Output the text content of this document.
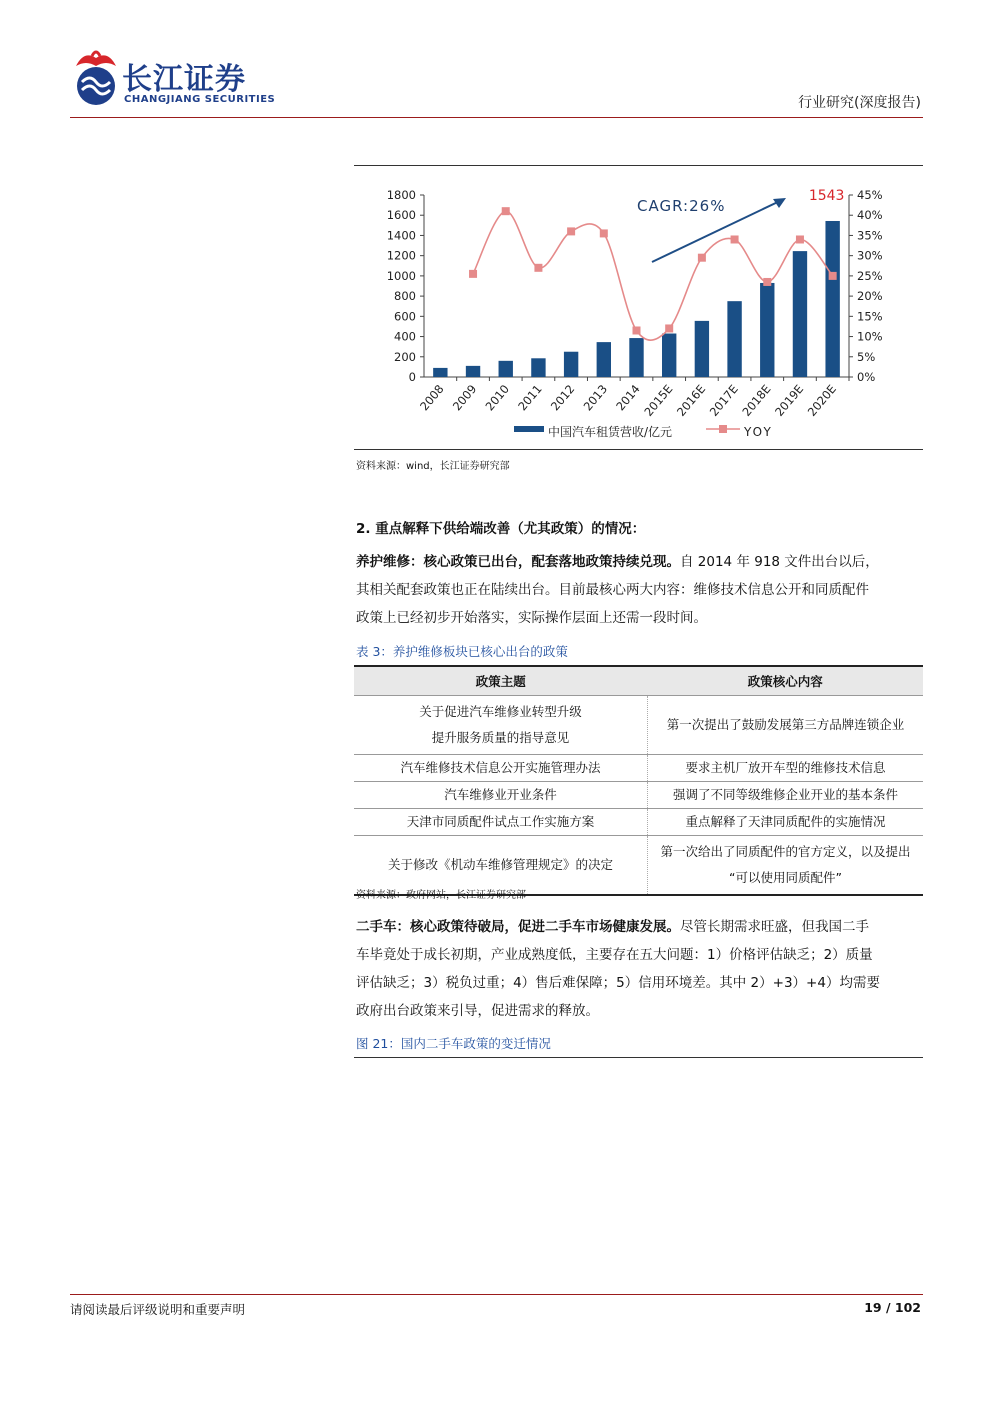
长江证券
CHANGJIANG SECURITIES	行业研究(深度报告)
0
200
400
600
800
1000
1200
1400
1600
1800
0%
5%
10%
15%
20%
25%
30%
35%
40%
45%
2008 2009 2010 2011 2012 2013 2014
2015E
2016E
2017E
2018E
2019E
2020E
CAGR:26%
1543
中国汽车租赁营收/亿元	YOY
资料来源：wind，长江证券研究部
2. 重点解释下供给端改善（尤其政策）的情况：
养护维修：核心政策已出台，配套落地政策持续兑现。自 2014 年 918 文件出台以后，
其相关配套政策也正在陆续出台。目前最核心两大内容：维修技术信息公开和同质配件
政策上已经初步开始落实，实际操作层面上还需一段时间。
表 3：养护维修板块已核心出台的政策
政策主题	政策核心内容

关于促进汽车维修业转型升级
提升服务质量的指导意见	第一次提出了鼓励发展第三方品牌连锁企业
汽车维修技术信息公开实施管理办法	要求主机厂放开车型的维修技术信息
汽车维修业开业条件	强调了不同等级维修企业开业的基本条件
天津市同质配件试点工作实施方案	重点解释了天津同质配件的实施情况
关于修改《机动车维修管理规定》的决定	第一次给出了同质配件的官方定义，以及提出
“可以使用同质配件”
资料来源：政府网站，长江证券研究部
二手车：核心政策待破局，促进二手车市场健康发展。尽管长期需求旺盛，但我国二手
车毕竟处于成长初期，产业成熟度低，主要存在五大问题：1）价格评估缺乏；2）质量
评估缺乏；3）税负过重；4）售后难保障；5）信用环境差。其中 2）+3）+4）均需要
政府出台政策来引导，促进需求的释放。
图 21：国内二手车政策的变迁情况
请阅读最后评级说明和重要声明	19 / 102
